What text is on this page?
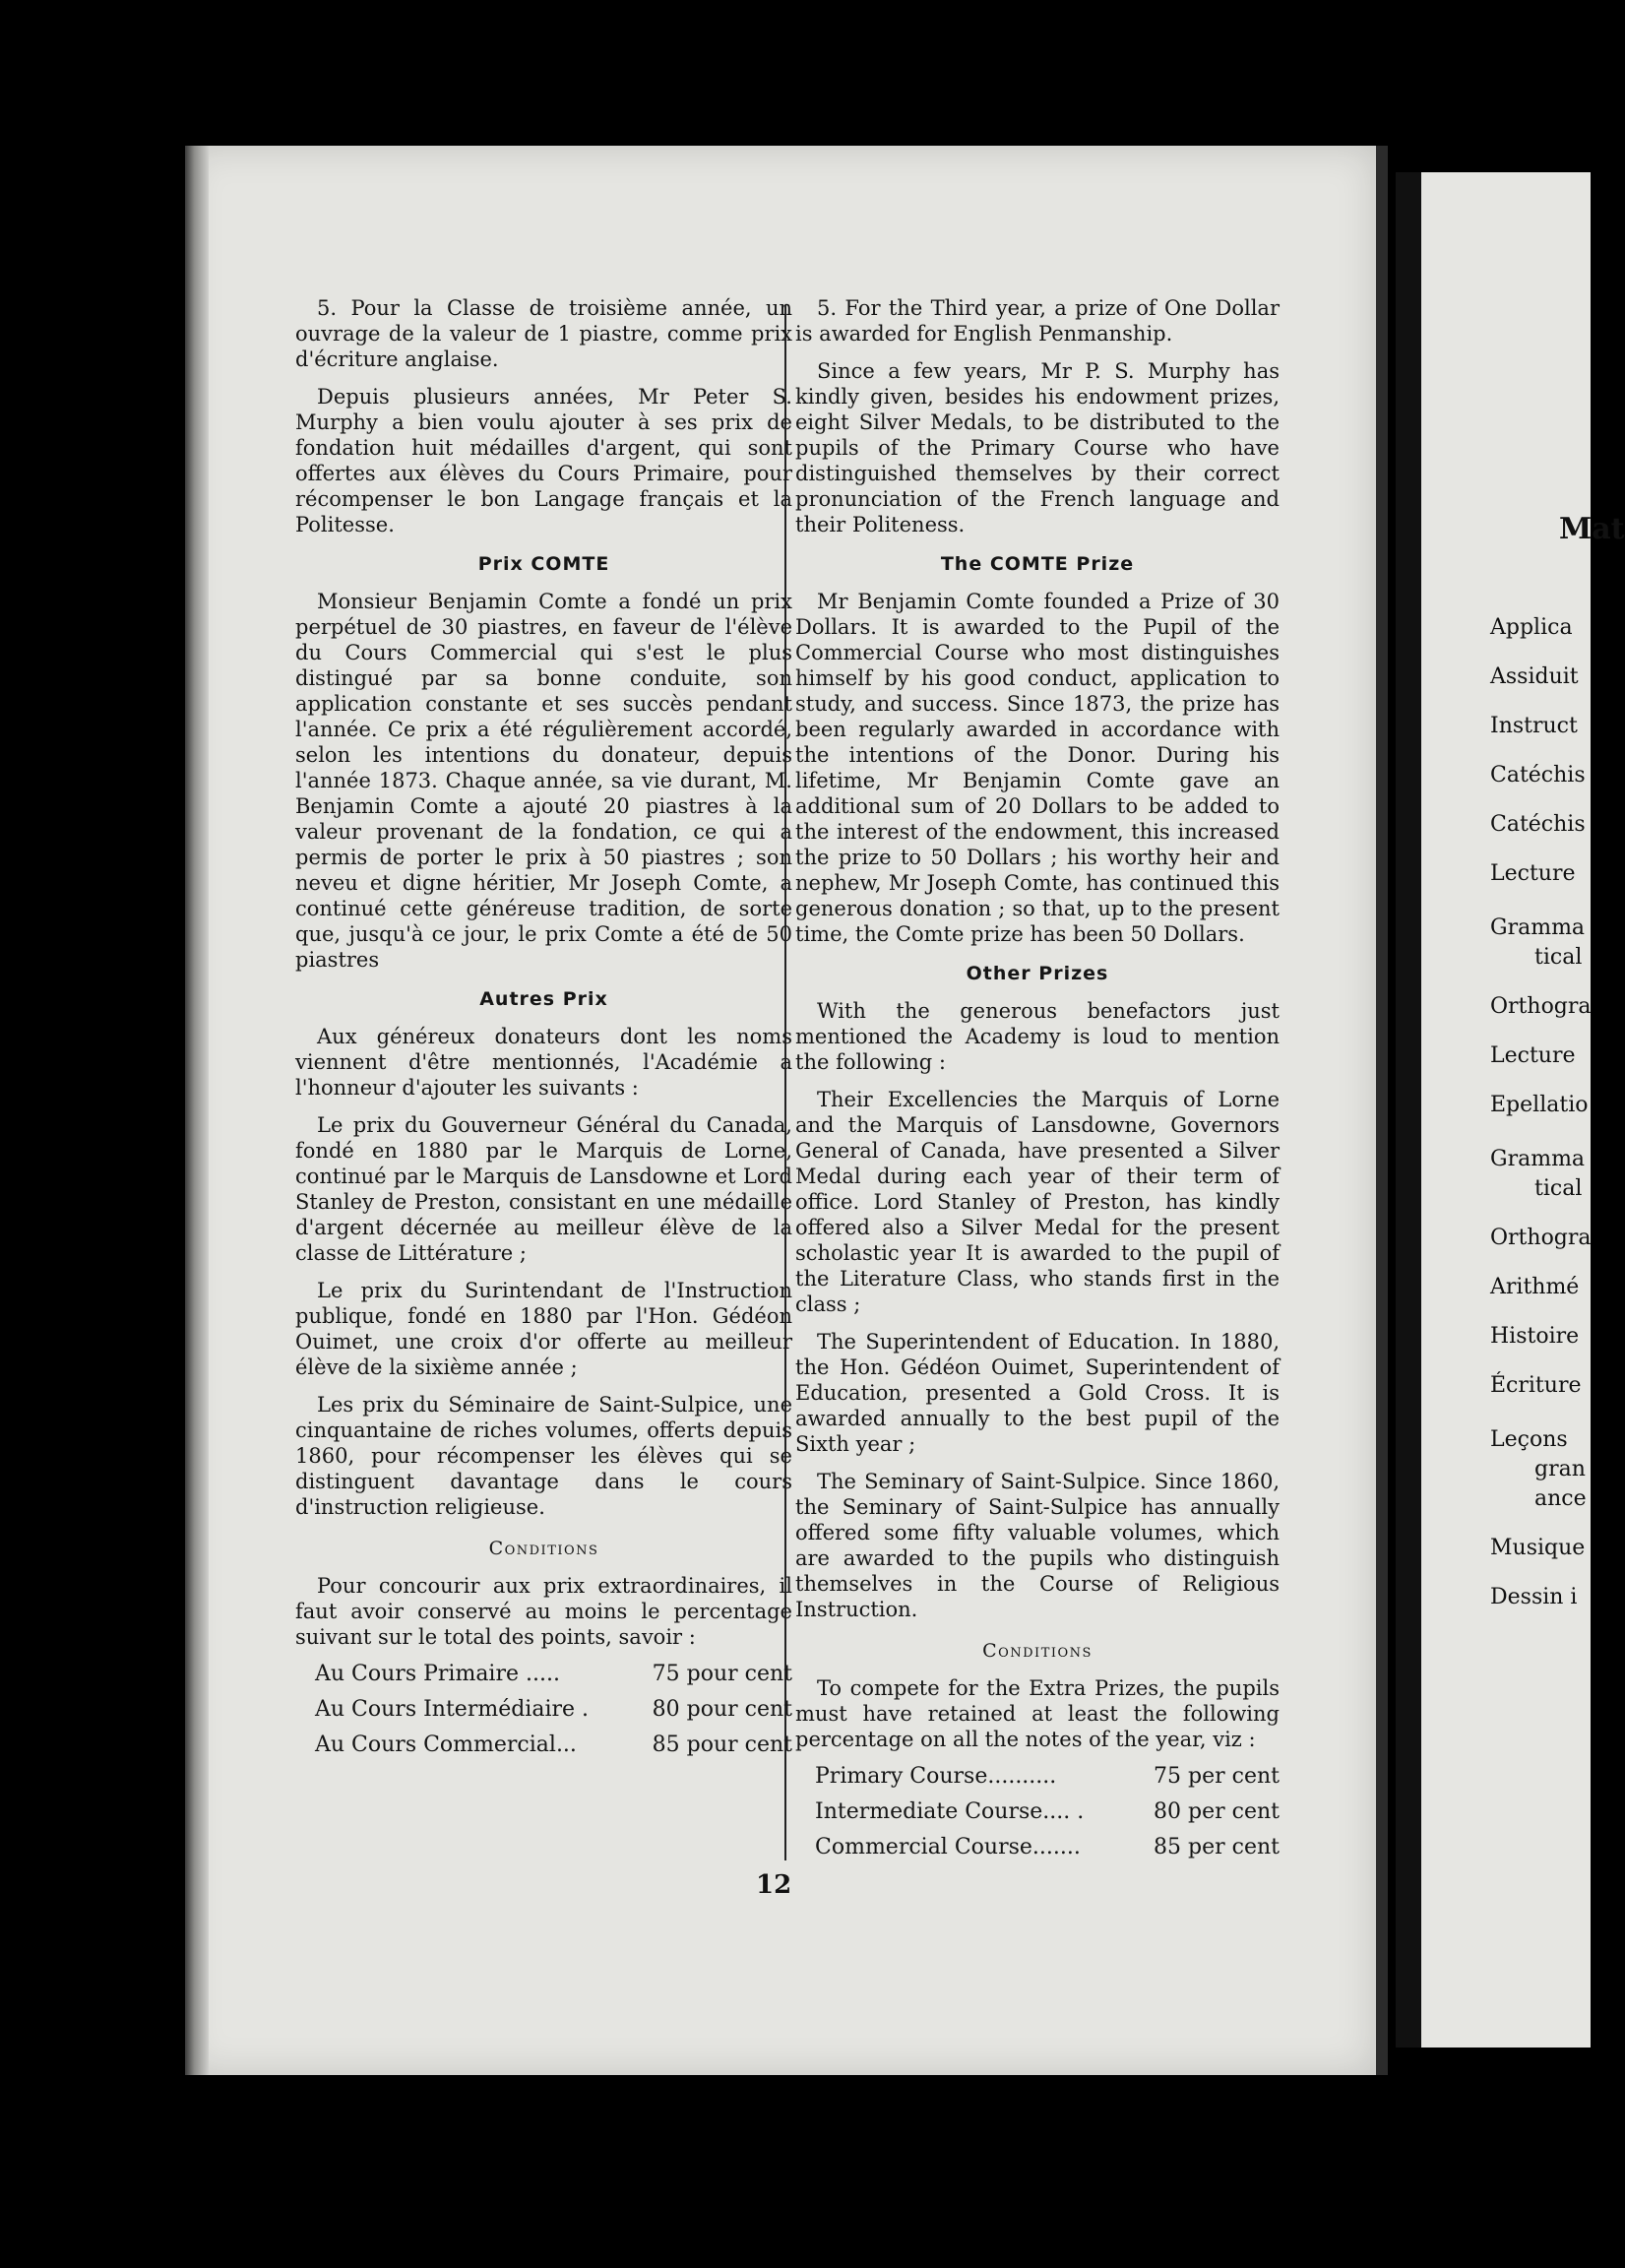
Mat
Applica
Assiduit
Instruct
Catéchis
Catéchis
Lecture
Gramma
tical
Orthogra
Lecture
Epellatio
Gramma
tical
Orthogra
Arithmé
Histoire
Écriture
Leçons
gran
ance
Musique
Dessin i

5. Pour la Classe de troisième année, un ouvrage de la valeur de 1 piastre, comme prix d'écriture anglaise.

Depuis plusieurs années, Mr Peter S. Murphy a bien voulu ajouter à ses prix de fondation huit médailles d'argent, qui sont offertes aux élèves du Cours Primaire, pour récompenser le bon Langage français et la Politesse.

Prix COMTE

Monsieur Benjamin Comte a fondé un prix perpétuel de 30 piastres, en faveur de l'élève du Cours Commercial qui s'est le plus distingué par sa bonne conduite, son application constante et ses succès pendant l'année. Ce prix a été régulièrement accordé, selon les intentions du donateur, depuis l'année 1873. Chaque année, sa vie durant, M. Benjamin Comte a ajouté 20 piastres à la valeur provenant de la fondation, ce qui a permis de porter le prix à 50 piastres ; son neveu et digne héritier, Mr Joseph Comte, a continué cette généreuse tradition, de sorte que, jusqu'à ce jour, le prix Comte a été de 50 piastres

Autres Prix

Aux généreux donateurs dont les noms viennent d'être mentionnés, l'Académie a l'honneur d'ajouter les suivants :

Le prix du Gouverneur Général du Canada, fondé en 1880 par le Marquis de Lorne, continué par le Marquis de Lansdowne et Lord Stanley de Preston, consistant en une médaille d'argent décernée au meilleur élève de la classe de Littérature ;

Le prix du Surintendant de l'Instruction publique, fondé en 1880 par l'Hon. Gédéon Ouimet, une croix d'or offerte au meilleur élève de la sixième année ;

Les prix du Séminaire de Saint-Sulpice, une cinquantaine de riches volumes, offerts depuis 1860, pour récompenser les élèves qui se distinguent davantage dans le cours d'instruction religieuse.

Conditions

Pour concourir aux prix extraordinaires, il faut avoir conservé au moins le percentage suivant sur le total des points, savoir :

Au Cours Primaire .....	75 pour cent
Au Cours Intermédiaire .	80 pour cent
Au Cours Commercial...	85 pour cent

5. For the Third year, a prize of One Dollar is awarded for English Penmanship.

Since a few years, Mr P. S. Murphy has kindly given, besides his endowment prizes, eight Silver Medals, to be distributed to the pupils of the Primary Course who have distinguished themselves by their correct pronunciation of the French language and their Politeness.

The COMTE Prize

Mr Benjamin Comte founded a Prize of 30 Dollars. It is awarded to the Pupil of the Commercial Course who most distinguishes himself by his good conduct, application to study, and success. Since 1873, the prize has been regularly awarded in accordance with the intentions of the Donor. During his lifetime, Mr Benjamin Comte gave an additional sum of 20 Dollars to be added to the interest of the endowment, this increased the prize to 50 Dollars ; his worthy heir and nephew, Mr Joseph Comte, has continued this generous donation ; so that, up to the present time, the Comte prize has been 50 Dollars.

Other Prizes

With the generous benefactors just mentioned the Academy is loud to mention the following :

Their Excellencies the Marquis of Lorne and the Marquis of Lansdowne, Governors General of Canada, have presented a Silver Medal during each year of their term of office. Lord Stanley of Preston, has kindly offered also a Silver Medal for the present scholastic year It is awarded to the pupil of the Literature Class, who stands first in the class ;

The Superintendent of Education. In 1880, the Hon. Gédéon Ouimet, Superintendent of Education, presented a Gold Cross. It is awarded annually to the best pupil of the Sixth year ;

The Seminary of Saint-Sulpice. Since 1860, the Seminary of Saint-Sulpice has annually offered some fifty valuable volumes, which are awarded to the pupils who distinguish themselves in the Course of Religious Instruction.

Conditions

To compete for the Extra Prizes, the pupils must have retained at least the following percentage on all the notes of the year, viz :

Primary Course..........	75 per cent
Intermediate Course.... .	80 per cent
Commercial Course.......	85 per cent
12
